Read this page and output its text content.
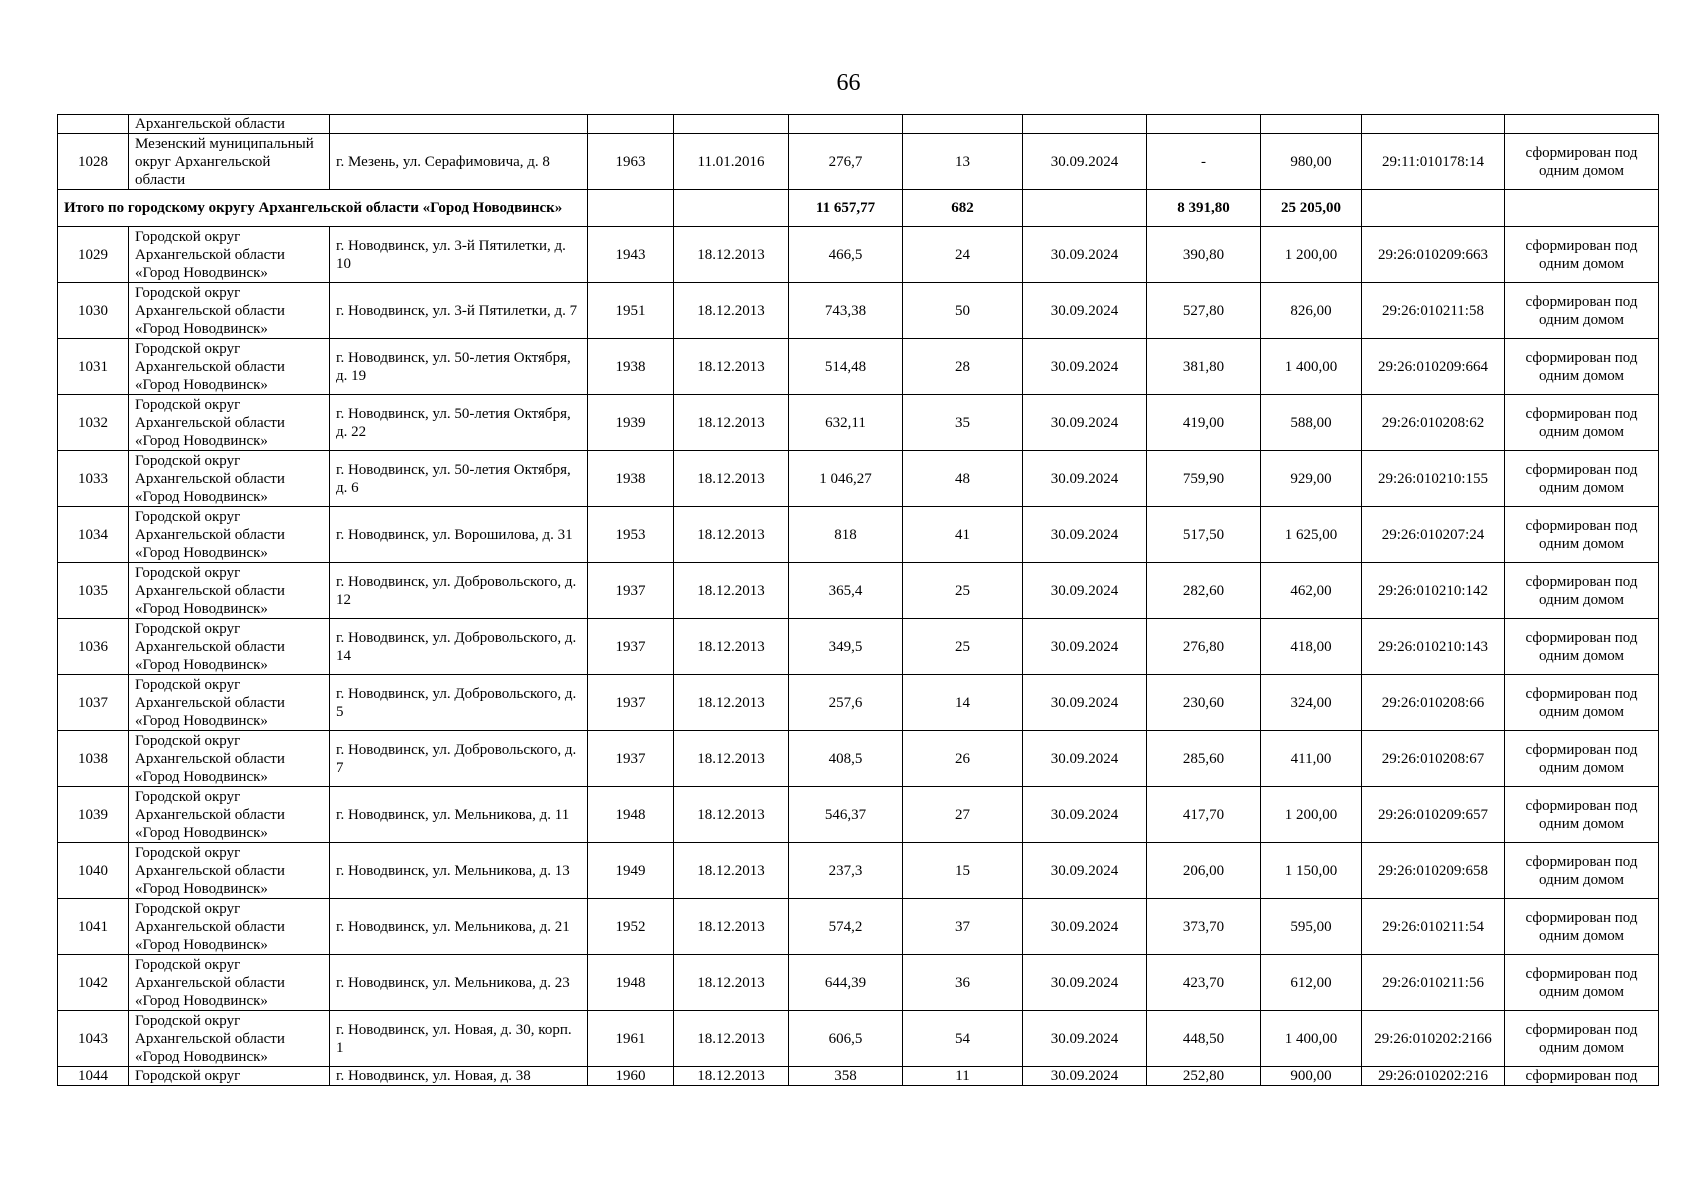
66
	Архангельской области										
1028	Мезенский муниципальный округ Архангельской области	г. Мезень, ул. Серафимовича, д. 8	1963	11.01.2016	276,7	13	30.09.2024	-	980,00	29:11:010178:14	сформирован под одним домом
Итого по городскому округу Архангельской области «Город Новодвинск»					11 657,77	682		8 391,80	25 205,00		
1029	Городской округ Архангельской области «Город Новодвинск»	г. Новодвинск, ул. 3-й Пятилетки, д. 10	1943	18.12.2013	466,5	24	30.09.2024	390,80	1 200,00	29:26:010209:663	сформирован под одним домом
1030	Городской округ Архангельской области «Город Новодвинск»	г. Новодвинск, ул. 3-й Пятилетки, д. 7	1951	18.12.2013	743,38	50	30.09.2024	527,80	826,00	29:26:010211:58	сформирован под одним домом
1031	Городской округ Архангельской области «Город Новодвинск»	г. Новодвинск, ул. 50-летия Октября, д. 19	1938	18.12.2013	514,48	28	30.09.2024	381,80	1 400,00	29:26:010209:664	сформирован под одним домом
1032	Городской округ Архангельской области «Город Новодвинск»	г. Новодвинск, ул. 50-летия Октября, д. 22	1939	18.12.2013	632,11	35	30.09.2024	419,00	588,00	29:26:010208:62	сформирован под одним домом
1033	Городской округ Архангельской области «Город Новодвинск»	г. Новодвинск, ул. 50-летия Октября, д. 6	1938	18.12.2013	1 046,27	48	30.09.2024	759,90	929,00	29:26:010210:155	сформирован под одним домом
1034	Городской округ Архангельской области «Город Новодвинск»	г. Новодвинск, ул. Ворошилова, д. 31	1953	18.12.2013	818	41	30.09.2024	517,50	1 625,00	29:26:010207:24	сформирован под одним домом
1035	Городской округ Архангельской области «Город Новодвинск»	г. Новодвинск, ул. Добровольского, д. 12	1937	18.12.2013	365,4	25	30.09.2024	282,60	462,00	29:26:010210:142	сформирован под одним домом
1036	Городской округ Архангельской области «Город Новодвинск»	г. Новодвинск, ул. Добровольского, д. 14	1937	18.12.2013	349,5	25	30.09.2024	276,80	418,00	29:26:010210:143	сформирован под одним домом
1037	Городской округ Архангельской области «Город Новодвинск»	г. Новодвинск, ул. Добровольского, д. 5	1937	18.12.2013	257,6	14	30.09.2024	230,60	324,00	29:26:010208:66	сформирован под одним домом
1038	Городской округ Архангельской области «Город Новодвинск»	г. Новодвинск, ул. Добровольского, д. 7	1937	18.12.2013	408,5	26	30.09.2024	285,60	411,00	29:26:010208:67	сформирован под одним домом
1039	Городской округ Архангельской области «Город Новодвинск»	г. Новодвинск, ул. Мельникова, д. 11	1948	18.12.2013	546,37	27	30.09.2024	417,70	1 200,00	29:26:010209:657	сформирован под одним домом
1040	Городской округ Архангельской области «Город Новодвинск»	г. Новодвинск, ул. Мельникова, д. 13	1949	18.12.2013	237,3	15	30.09.2024	206,00	1 150,00	29:26:010209:658	сформирован под одним домом
1041	Городской округ Архангельской области «Город Новодвинск»	г. Новодвинск, ул. Мельникова, д. 21	1952	18.12.2013	574,2	37	30.09.2024	373,70	595,00	29:26:010211:54	сформирован под одним домом
1042	Городской округ Архангельской области «Город Новодвинск»	г. Новодвинск, ул. Мельникова, д. 23	1948	18.12.2013	644,39	36	30.09.2024	423,70	612,00	29:26:010211:56	сформирован под одним домом
1043	Городской округ Архангельской области «Город Новодвинск»	г. Новодвинск, ул. Новая, д. 30, корп. 1	1961	18.12.2013	606,5	54	30.09.2024	448,50	1 400,00	29:26:010202:2166	сформирован под одним домом
1044	Городской округ	г. Новодвинск, ул. Новая, д. 38	1960	18.12.2013	358	11	30.09.2024	252,80	900,00	29:26:010202:216	сформирован под
